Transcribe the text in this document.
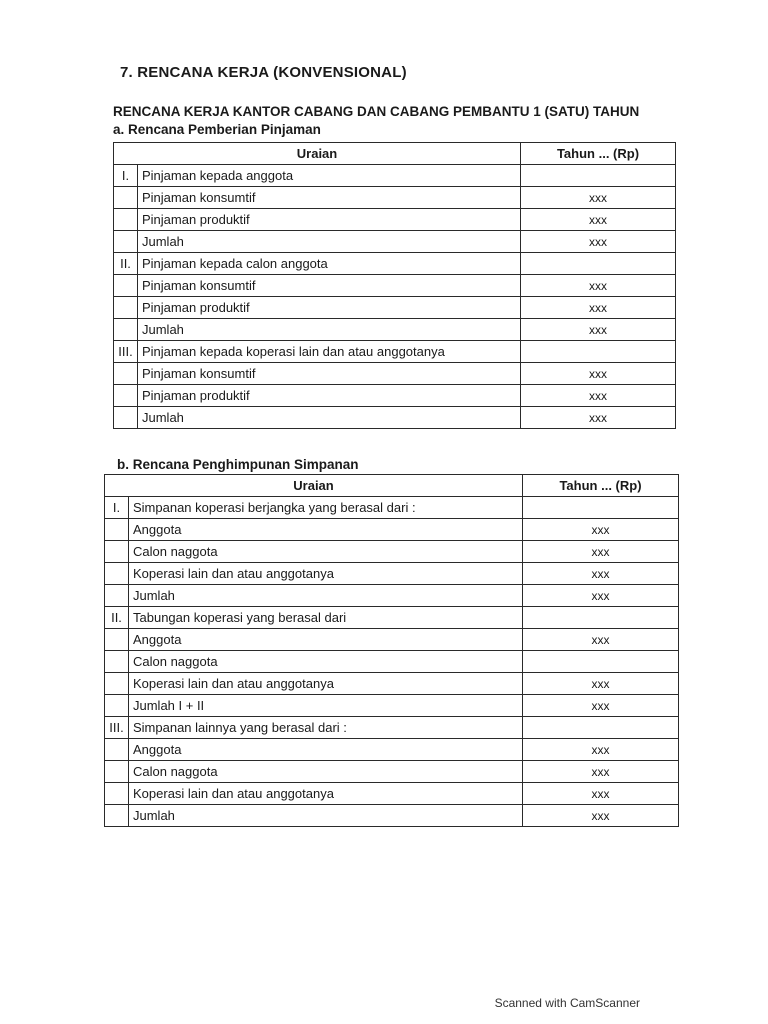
7. RENCANA KERJA (KONVENSIONAL)
RENCANA KERJA KANTOR CABANG DAN CABANG PEMBANTU 1 (SATU) TAHUN
a. Rencana Pemberian Pinjaman
Uraian		Tahun ... (Rp)
I.	Pinjaman kepada anggota	
	Pinjaman konsumtif	xxx
	Pinjaman produktif	xxx
	Jumlah	xxx
II.	Pinjaman kepada calon anggota	
	Pinjaman konsumtif	xxx
	Pinjaman produktif	xxx
	Jumlah	xxx
III.	Pinjaman kepada koperasi lain dan atau anggotanya	
	Pinjaman konsumtif	xxx
	Pinjaman produktif	xxx
	Jumlah	xxx
b. Rencana Penghimpunan Simpanan
Uraian		Tahun ... (Rp)
I.	Simpanan koperasi berjangka yang berasal dari :	
	Anggota	xxx
	Calon naggota	xxx
	Koperasi lain dan atau anggotanya	xxx
	Jumlah	xxx
II.	Tabungan koperasi yang berasal dari	
	Anggota	xxx
	Calon naggota	
	Koperasi lain dan atau anggotanya	xxx
	Jumlah I + II	xxx
III.	Simpanan lainnya yang berasal dari :	
	Anggota	xxx
	Calon naggota	xxx
	Koperasi lain dan atau anggotanya	xxx
	Jumlah	xxx
Scanned with CamScanner
